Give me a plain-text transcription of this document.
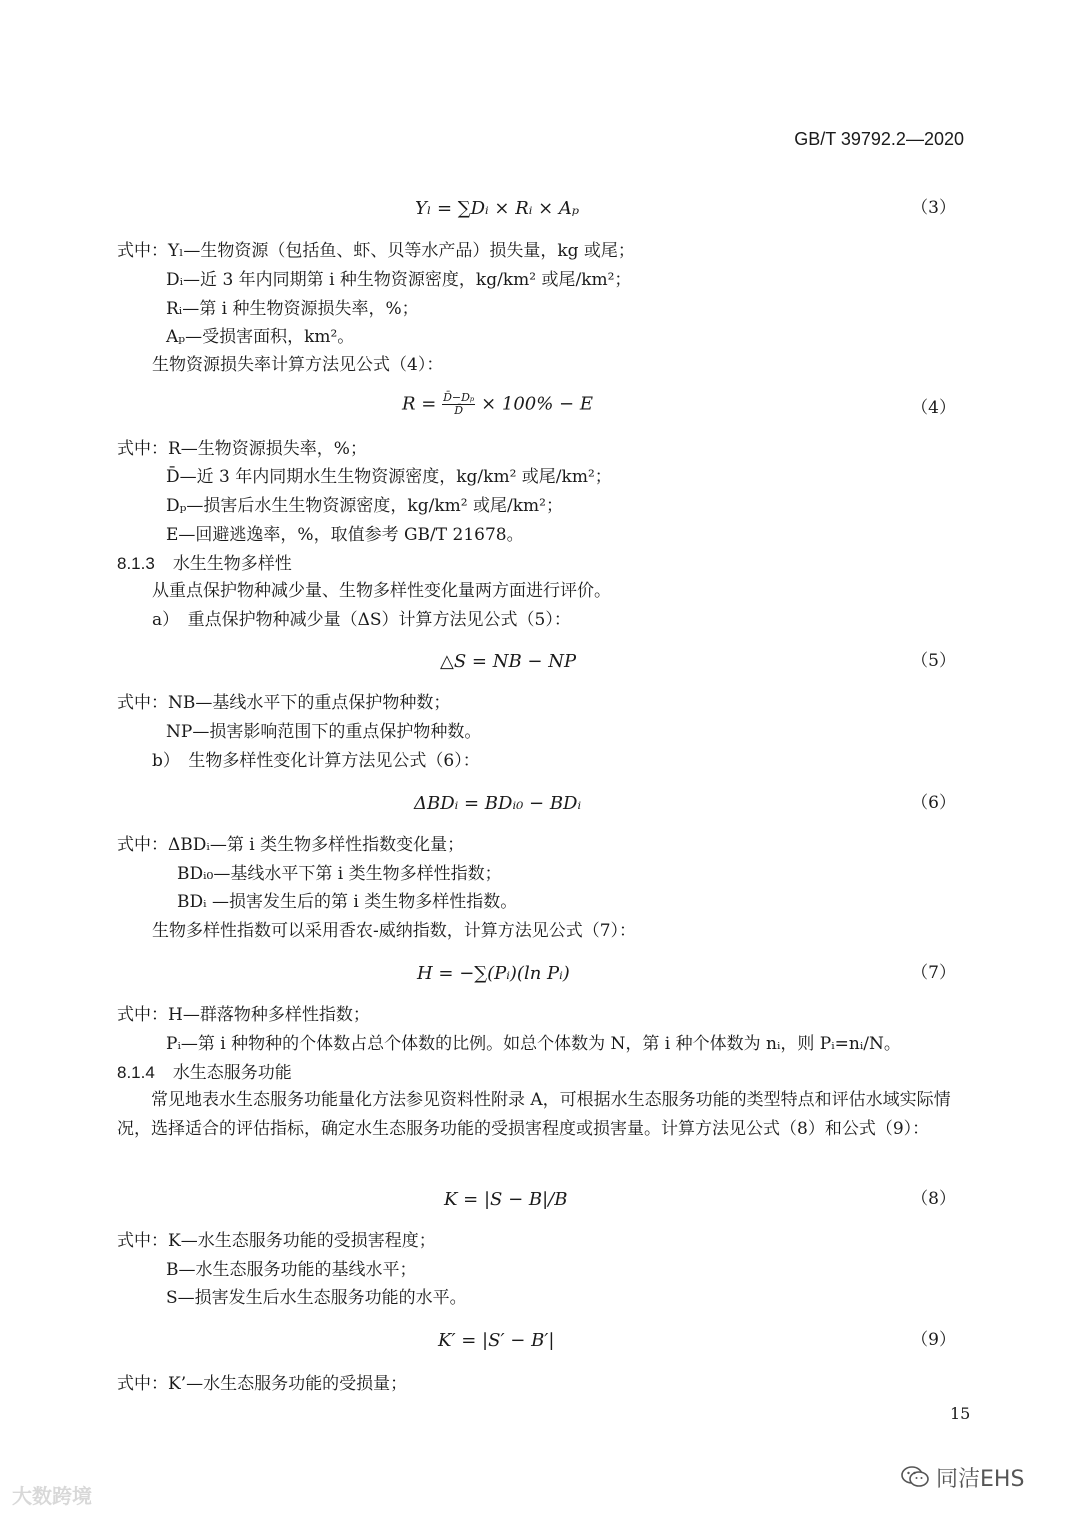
GB/T 39792.2—2020
Yₗ = ∑Dᵢ × Rᵢ × Aₚ	（3）
式中：Yₗ—生物资源（包括鱼、虾、贝等水产品）损失量，kg 或尾；
Dᵢ—近 3 年内同期第 i 种生物资源密度，kg/km² 或尾/km²；
Rᵢ—第 i 种生物资源损失率，%；
Aₚ—受损害面积，km²。
生物资源损失率计算方法见公式（4）：
$R = \frac{\text{D̄−Dₚ}}{D̄} \times 100\% - E$	（4）
式中：R—生物资源损失率，%；
D̄—近 3 年内同期水生生物资源密度，kg/km² 或尾/km²；
Dₚ—损害后水生生物资源密度，kg/km² 或尾/km²；
E—回避逃逸率，%，取值参考 GB/T 21678。
8.1.3 水生生物多样性
从重点保护物种减少量、生物多样性变化量两方面进行评价。
a）　重点保护物种减少量（ΔS）计算方法见公式（5）：
△S = NB − NP	（5）
式中：NB—基线水平下的重点保护物种数；
NP—损害影响范围下的重点保护物种数。
b）　生物多样性变化计算方法见公式（6）：
ΔBDᵢ = BDᵢ₀ − BDᵢ	（6）
式中：ΔBDᵢ—第 i 类生物多样性指数变化量；
BDᵢ₀—基线水平下第 i 类生物多样性指数；
BDᵢ —损害发生后的第 i 类生物多样性指数。
生物多样性指数可以采用香农-威纳指数，计算方法见公式（7）：
H = −∑(Pᵢ)(ln Pᵢ)	（7）
式中：H—群落物种多样性指数；
Pᵢ—第 i 种物种的个体数占总个体数的比例。如总个体数为 N，第 i 种个体数为 nᵢ，则 Pᵢ=nᵢ/N。
8.1.4 水生态服务功能
常见地表水生态服务功能量化方法参见资料性附录 A，可根据水生态服务功能的类型特点和评估水域实际情况，选择适合的评估指标，确定水生态服务功能的受损害程度或损害量。计算方法见公式（8）和公式（9）：
K = |S − B|/B	（8）
式中：K—水生态服务功能的受损害程度；
B—水生态服务功能的基线水平；
S—损害发生后水生态服务功能的水平。
K′ = |S′ − B′|	（9）
式中：K’—水生态服务功能的受损量；
15
大数跨境
同洁EHS
